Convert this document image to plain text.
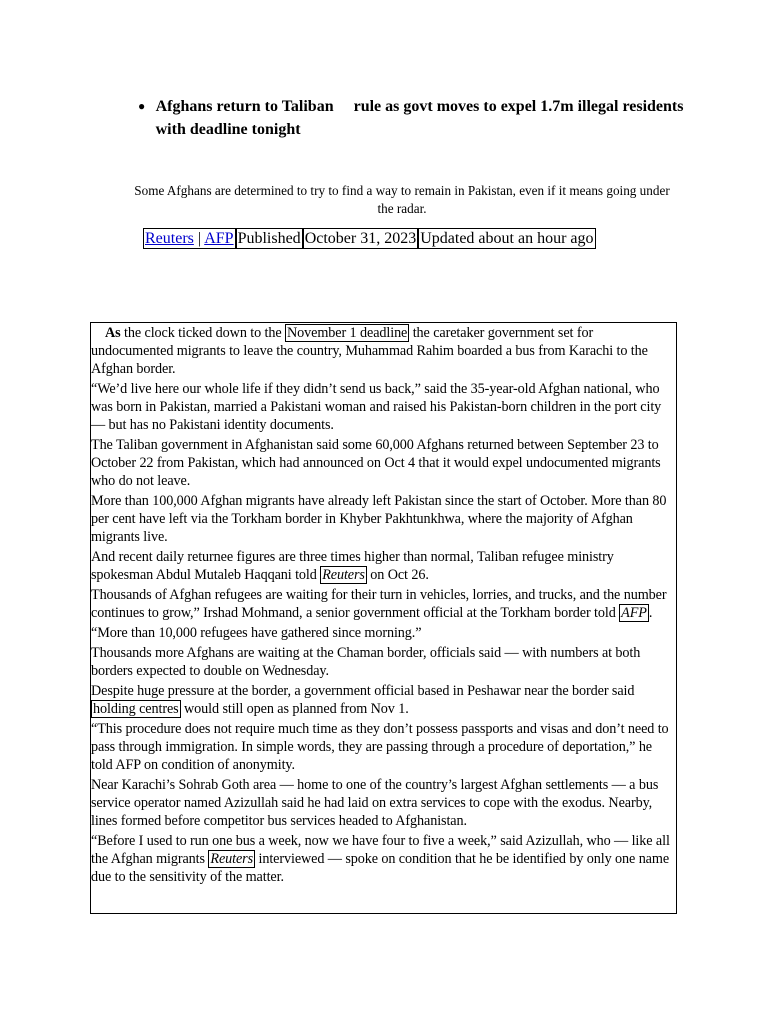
● Afghans return to Taliban     rule as govt moves to expel 1.7m illegal residents with deadline tonight
Some Afghans are determined to try to find a way to remain in Pakistan, even if it means going under the radar.
Reuters | AFP Published October 31, 2023 Updated about an hour ago

As the clock ticked down to the November 1 deadline the caretaker government set for undocumented migrants to leave the country, Muhammad Rahim boarded a bus from Karachi to the Afghan border.

“We’d live here our whole life if they didn’t send us back,” said the 35-year-old Afghan national, who was born in Pakistan, married a Pakistani woman and raised his Pakistan-born children in the port city — but has no Pakistani identity documents.

The Taliban government in Afghanistan said some 60,000 Afghans returned between September 23 to October 22 from Pakistan, which had announced on Oct 4 that it would expel undocumented migrants who do not leave.

More than 100,000 Afghan migrants have already left Pakistan since the start of October. More than 80 per cent have left via the Torkham border in Khyber Pakhtunkhwa, where the majority of Afghan migrants live.

And recent daily returnee figures are three times higher than normal, Taliban refugee ministry spokesman Abdul Mutaleb Haqqani told Reuters on Oct 26.

Thousands of Afghan refugees are waiting for their turn in vehicles, lorries, and trucks, and the number continues to grow,” Irshad Mohmand, a senior government official at the Torkham border told AFP .

“More than 10,000 refugees have gathered since morning.”

Thousands more Afghans are waiting at the Chaman border, officials said — with numbers at both borders expected to double on Wednesday.

Despite huge pressure at the border, a government official based in Peshawar near the border said holding centres would still open as planned from Nov 1.

“This procedure does not require much time as they don’t possess passports and visas and don’t need to pass through immigration. In simple words, they are passing through a procedure of deportation,” he told AFP on condition of anonymity.

Near Karachi’s Sohrab Goth area — home to one of the country’s largest Afghan settlements — a bus service operator named Azizullah said he had laid on extra services to cope with the exodus. Nearby, lines formed before competitor bus services headed to Afghanistan.

“Before I used to run one bus a week, now we have four to five a week,” said Azizullah, who — like all the Afghan migrants Reuters interviewed — spoke on condition that he be identified by only one name due to the sensitivity of the matter.
